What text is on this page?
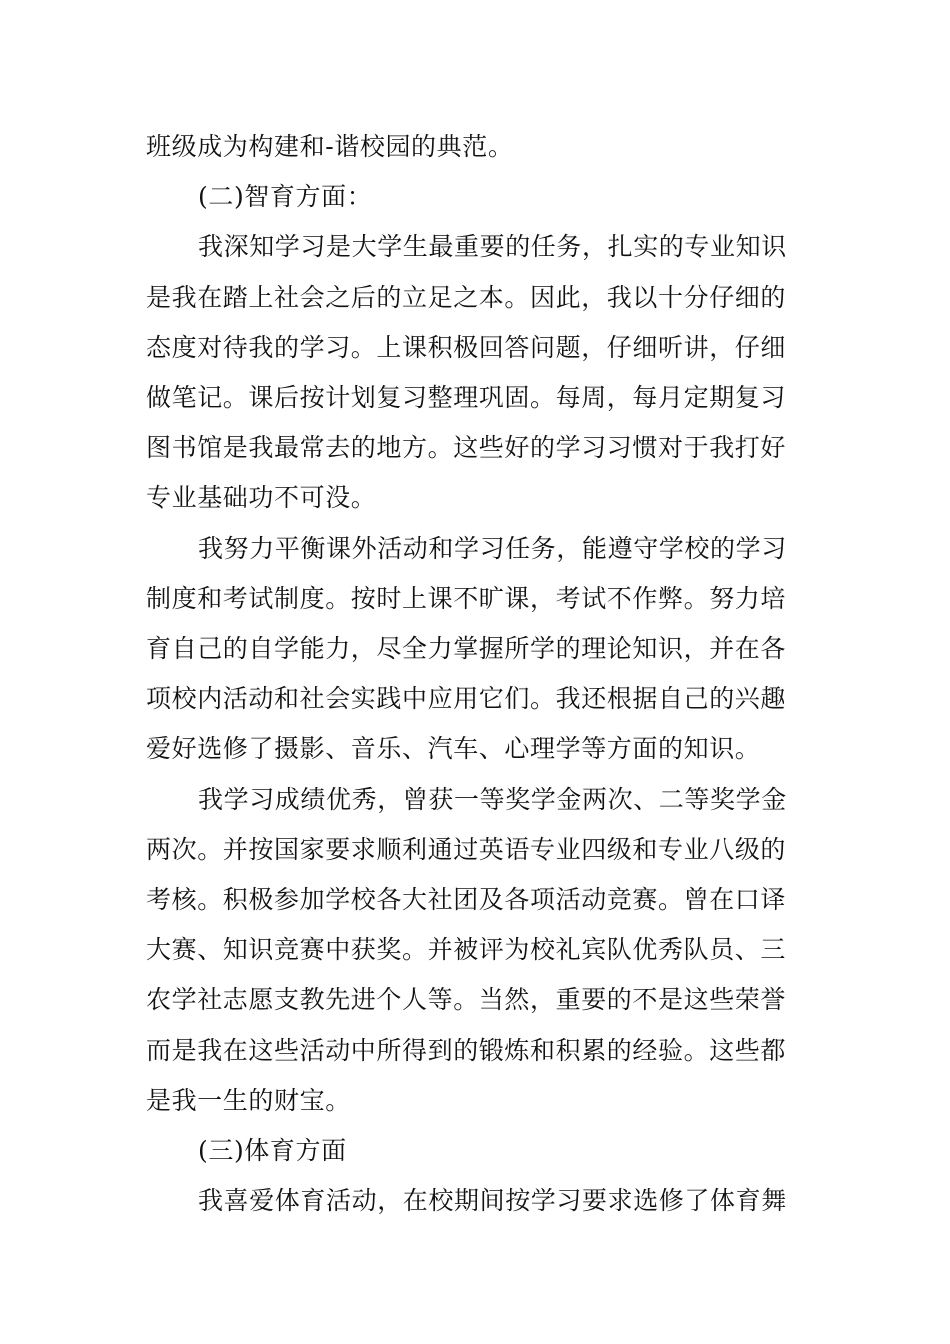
班级成为构建和-谐校园的典范。
(二)智育方面：
我深知学习是大学生最重要的任务，扎实的专业知识
是我在踏上社会之后的立足之本。因此，我以十分仔细的
态度对待我的学习。上课积极回答问题，仔细听讲，仔细
做笔记。课后按计划复习整理巩固。每周，每月定期复习
图书馆是我最常去的地方。这些好的学习习惯对于我打好
专业基础功不可没。
我努力平衡课外活动和学习任务，能遵守学校的学习
制度和考试制度。按时上课不旷课，考试不作弊。努力培
育自己的自学能力，尽全力掌握所学的理论知识，并在各
项校内活动和社会实践中应用它们。我还根据自己的兴趣
爱好选修了摄影、音乐、汽车、心理学等方面的知识。
我学习成绩优秀，曾获一等奖学金两次、二等奖学金
两次。并按国家要求顺利通过英语专业四级和专业八级的
考核。积极参加学校各大社团及各项活动竞赛。曾在口译
大赛、知识竞赛中获奖。并被评为校礼宾队优秀队员、三
农学社志愿支教先进个人等。当然，重要的不是这些荣誉
而是我在这些活动中所得到的锻炼和积累的经验。这些都
是我一生的财宝。
(三)体育方面
我喜爱体育活动，在校期间按学习要求选修了体育舞
